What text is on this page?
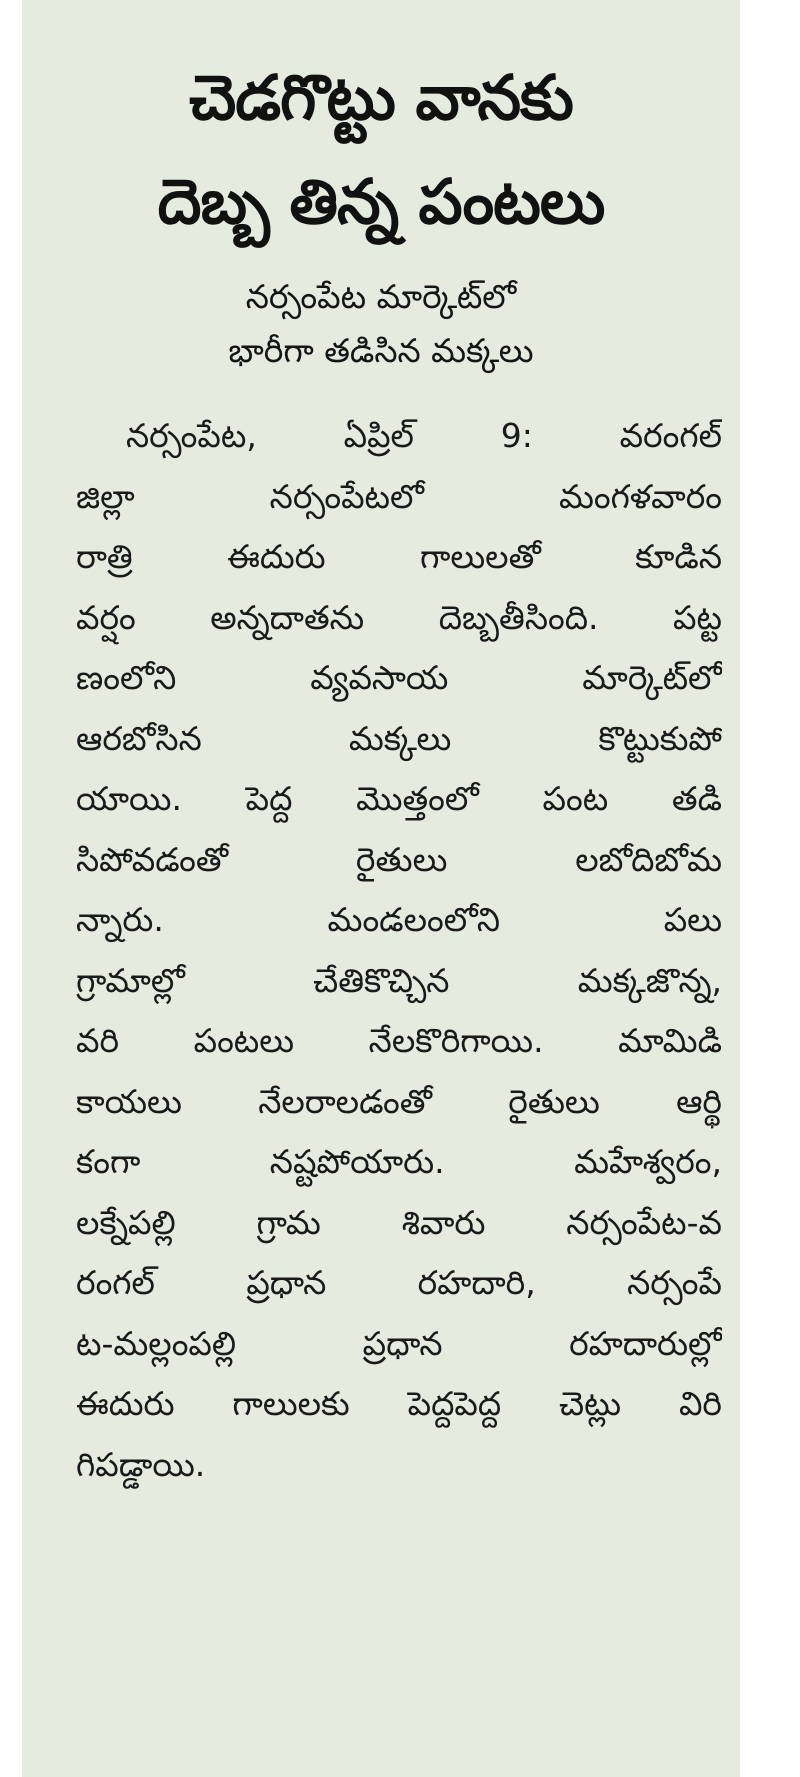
చెడగొట్టు వానకు
దెబ్బ తిన్న పంటలు
నర్సంపేట మార్కెట్‌లో
భారీగా తడిసిన మక్కలు
నర్సంపేట, ఏప్రిల్ 9: వరంగల్
జిల్లా నర్సంపేటలో మంగళవారం
రాత్రి ఈదురు గాలులతో కూడిన
వర్షం అన్నదాతను దెబ్బతీసింది. పట్ట
ణంలోని వ్యవసాయ మార్కెట్‌లో
ఆరబోసిన మక్కలు కొట్టుకుపో
యాయి. పెద్ద మొత్తంలో పంట తడి
సిపోవడంతో రైతులు లబోదిబోమ
న్నారు. మండలంలోని పలు
గ్రామాల్లో చేతికొచ్చిన మక్కజొన్న,
వరి పంటలు నేలకొరిగాయి. మామిడి
కాయలు నేలరాలడంతో రైతులు ఆర్థి
కంగా నష్టపోయారు. మహేశ్వరం,
లక్నేపల్లి గ్రామ శివారు నర్సంపేట-వ
రంగల్ ప్రధాన రహదారి, నర్సంపే
ట-మల్లంపల్లి ప్రధాన రహదారుల్లో
ఈదురు గాలులకు పెద్దపెద్ద చెట్లు విరి
గిపడ్డాయి.
